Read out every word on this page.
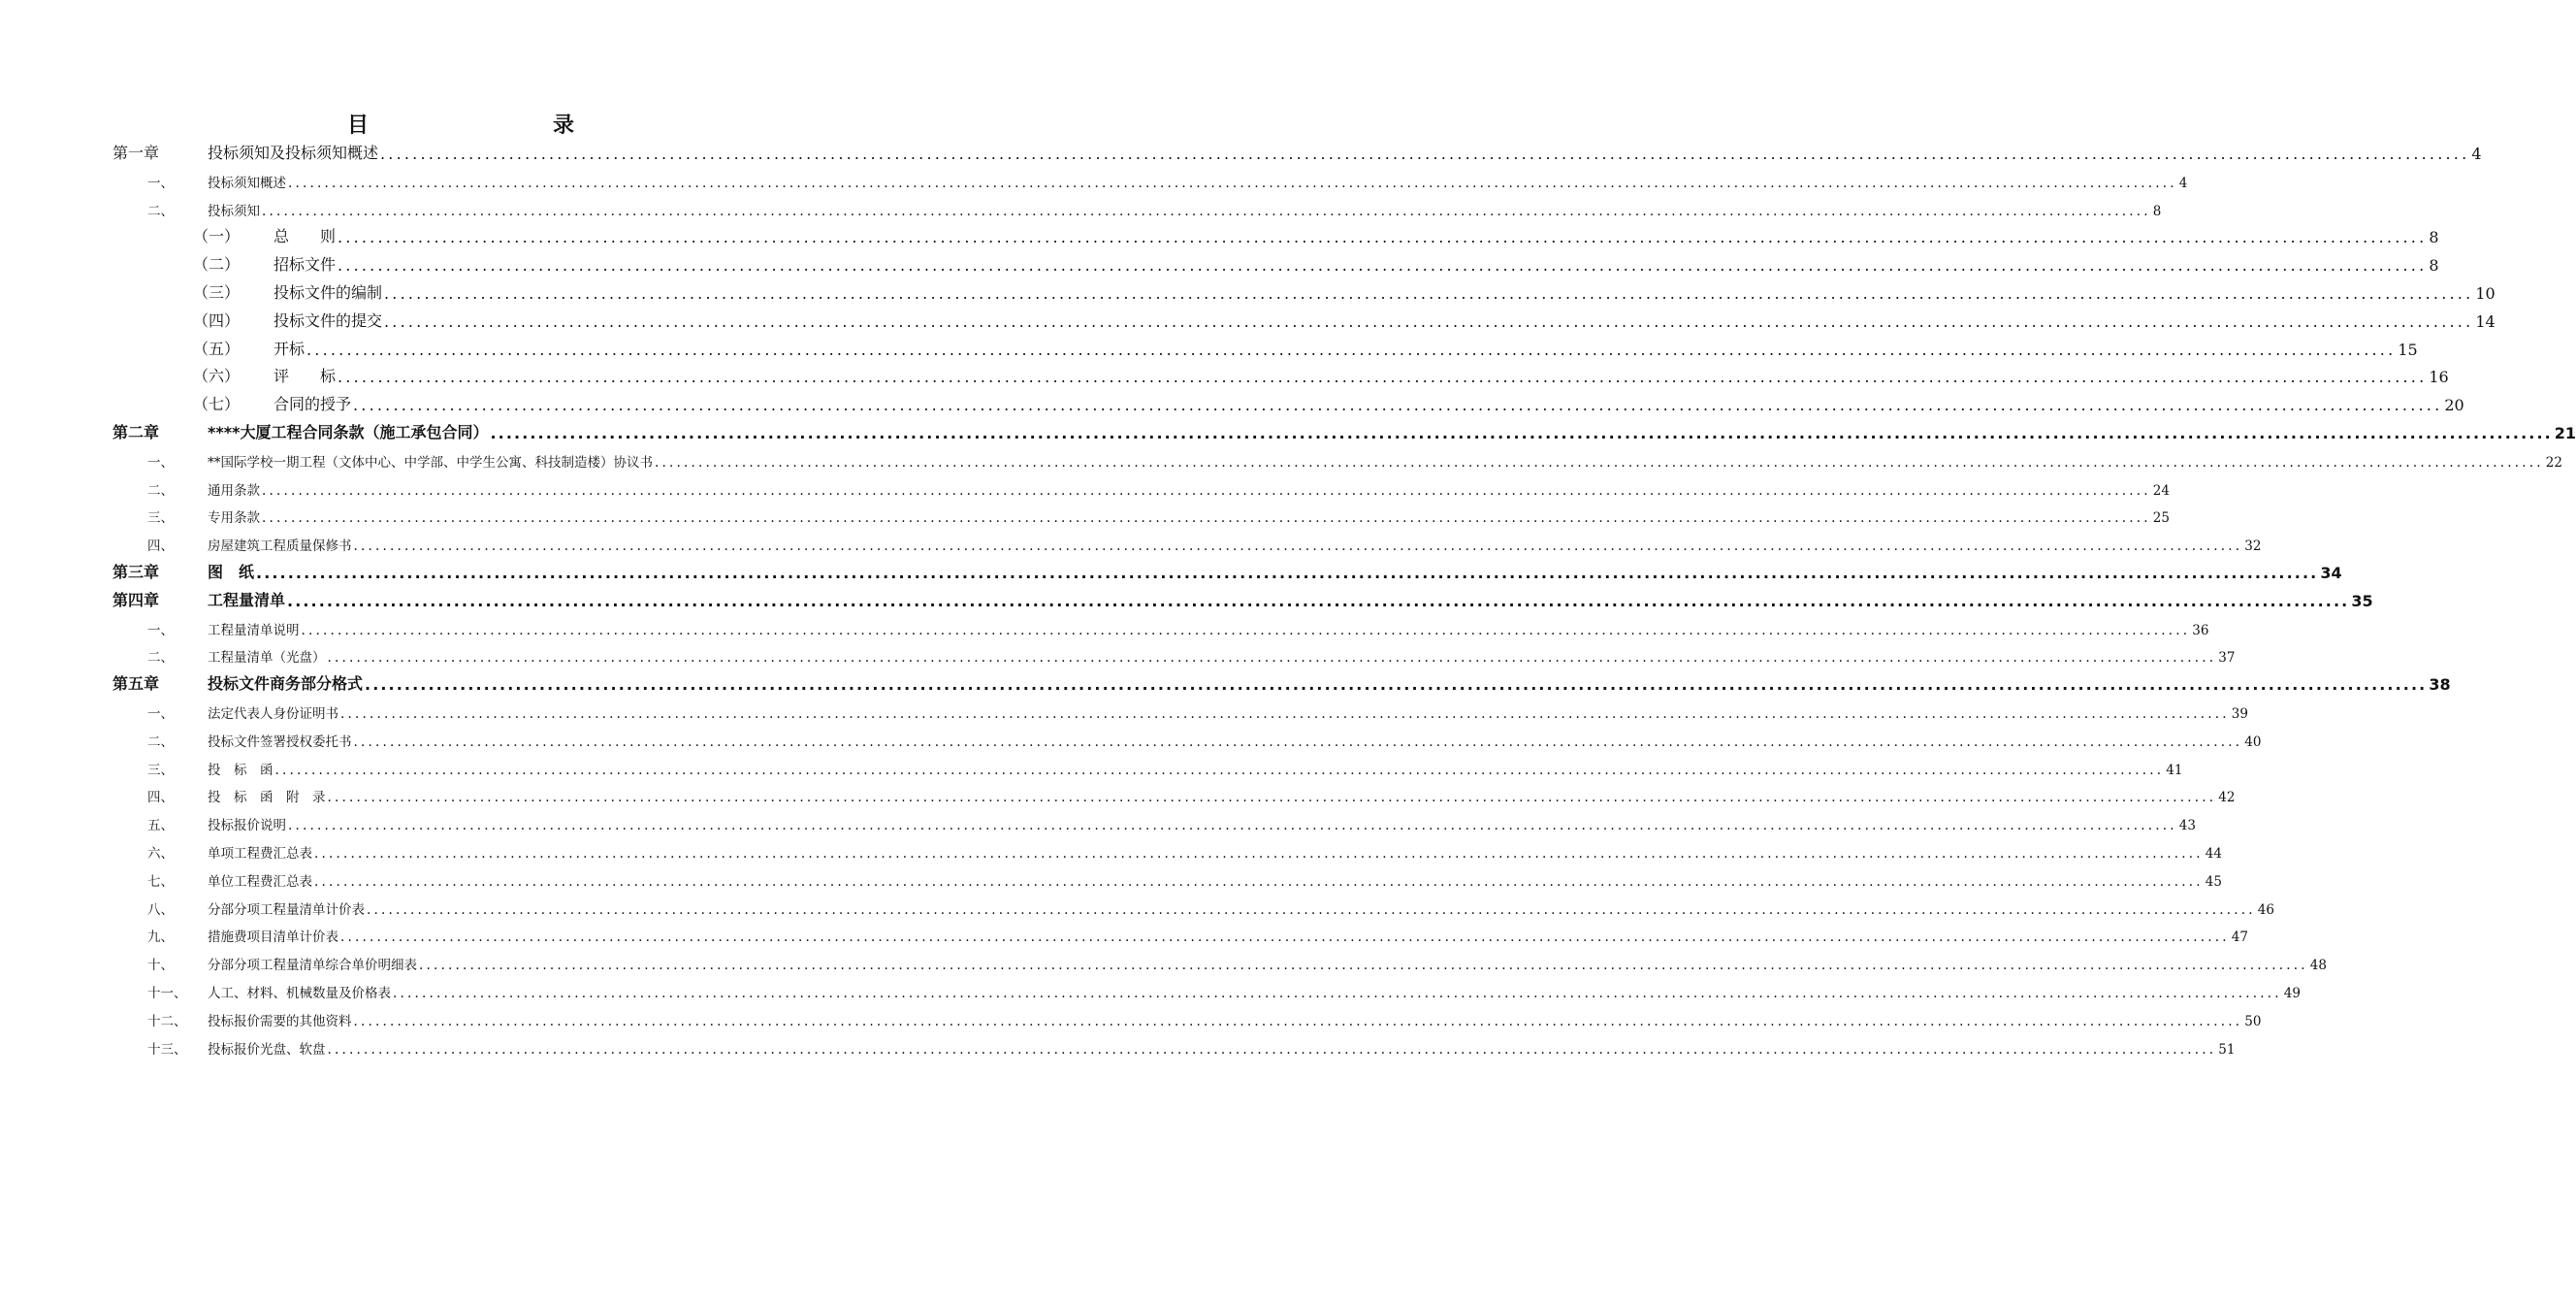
目　录
第一章	投标须知及投标须知概述 .................................................................................................................................................................................................................................................................... 4
一、	投标须知概述 .................................................................................................................................................................................................................................................................... 4
二、	投标须知 .................................................................................................................................................................................................................................................................... 8
（一） 总　　则 .................................................................................................................................................................................................................................................................... 8
（二） 招标文件 .................................................................................................................................................................................................................................................................... 8
（三） 投标文件的编制 .................................................................................................................................................................................................................................................................... 10
（四） 投标文件的提交 .................................................................................................................................................................................................................................................................... 14
（五） 开标 .................................................................................................................................................................................................................................................................... 15
（六） 评　　标 .................................................................................................................................................................................................................................................................... 16
（七） 合同的授予 .................................................................................................................................................................................................................................................................... 20
第二章	****大厦工程合同条款（施工承包合同） .................................................................................................................................................................................................................................................................... 21
一、	**国际学校一期工程（文体中心、中学部、中学生公寓、科技制造楼）协议书 .................................................................................................................................................................................................................................................................... 22
二、	通用条款 .................................................................................................................................................................................................................................................................... 24
三、	专用条款 .................................................................................................................................................................................................................................................................... 25
四、	房屋建筑工程质量保修书 .................................................................................................................................................................................................................................................................... 32
第三章	图　纸 .................................................................................................................................................................................................................................................................... 34
第四章	工程量清单 .................................................................................................................................................................................................................................................................... 35
一、	工程量清单说明 .................................................................................................................................................................................................................................................................... 36
二、	工程量清单（光盘） .................................................................................................................................................................................................................................................................... 37
第五章	投标文件商务部分格式 .................................................................................................................................................................................................................................................................... 38
一、	法定代表人身份证明书 .................................................................................................................................................................................................................................................................... 39
二、	投标文件签署授权委托书 .................................................................................................................................................................................................................................................................... 40
三、	投　标　函 .................................................................................................................................................................................................................................................................... 41
四、	投　标　函　附　录 .................................................................................................................................................................................................................................................................... 42
五、	投标报价说明 .................................................................................................................................................................................................................................................................... 43
六、	单项工程费汇总表 .................................................................................................................................................................................................................................................................... 44
七、	单位工程费汇总表 .................................................................................................................................................................................................................................................................... 45
八、	分部分项工程量清单计价表 .................................................................................................................................................................................................................................................................... 46
九、	措施费项目清单计价表 .................................................................................................................................................................................................................................................................... 47
十、	分部分项工程量清单综合单价明细表 .................................................................................................................................................................................................................................................................... 48
十一、 人工、材料、机械数量及价格表 .................................................................................................................................................................................................................................................................... 49
十二、 投标报价需要的其他资料 .................................................................................................................................................................................................................................................................... 50
十三、 投标报价光盘、软盘 .................................................................................................................................................................................................................................................................... 51
